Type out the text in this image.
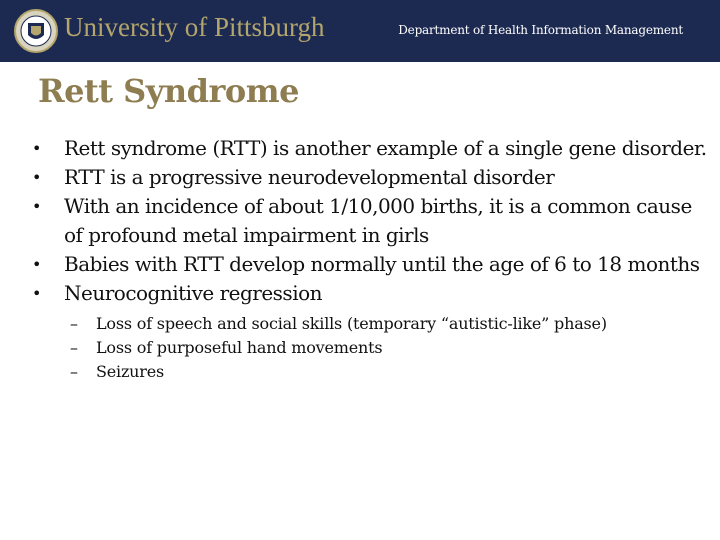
University of Pittsburgh	Department of Health Information Management
Rett Syndrome
• Rett syndrome (RTT) is another example of a single gene disorder.
• RTT is a progressive neurodevelopmental disorder
• With an incidence of about 1/10,000 births, it is a common cause of profound metal impairment in girls
• Babies with RTT develop normally until the age of 6 to 18 months
• Neurocognitive regression
– Loss of speech and social skills (temporary “autistic-like” phase)
– Loss of purposeful hand movements
– Seizures
